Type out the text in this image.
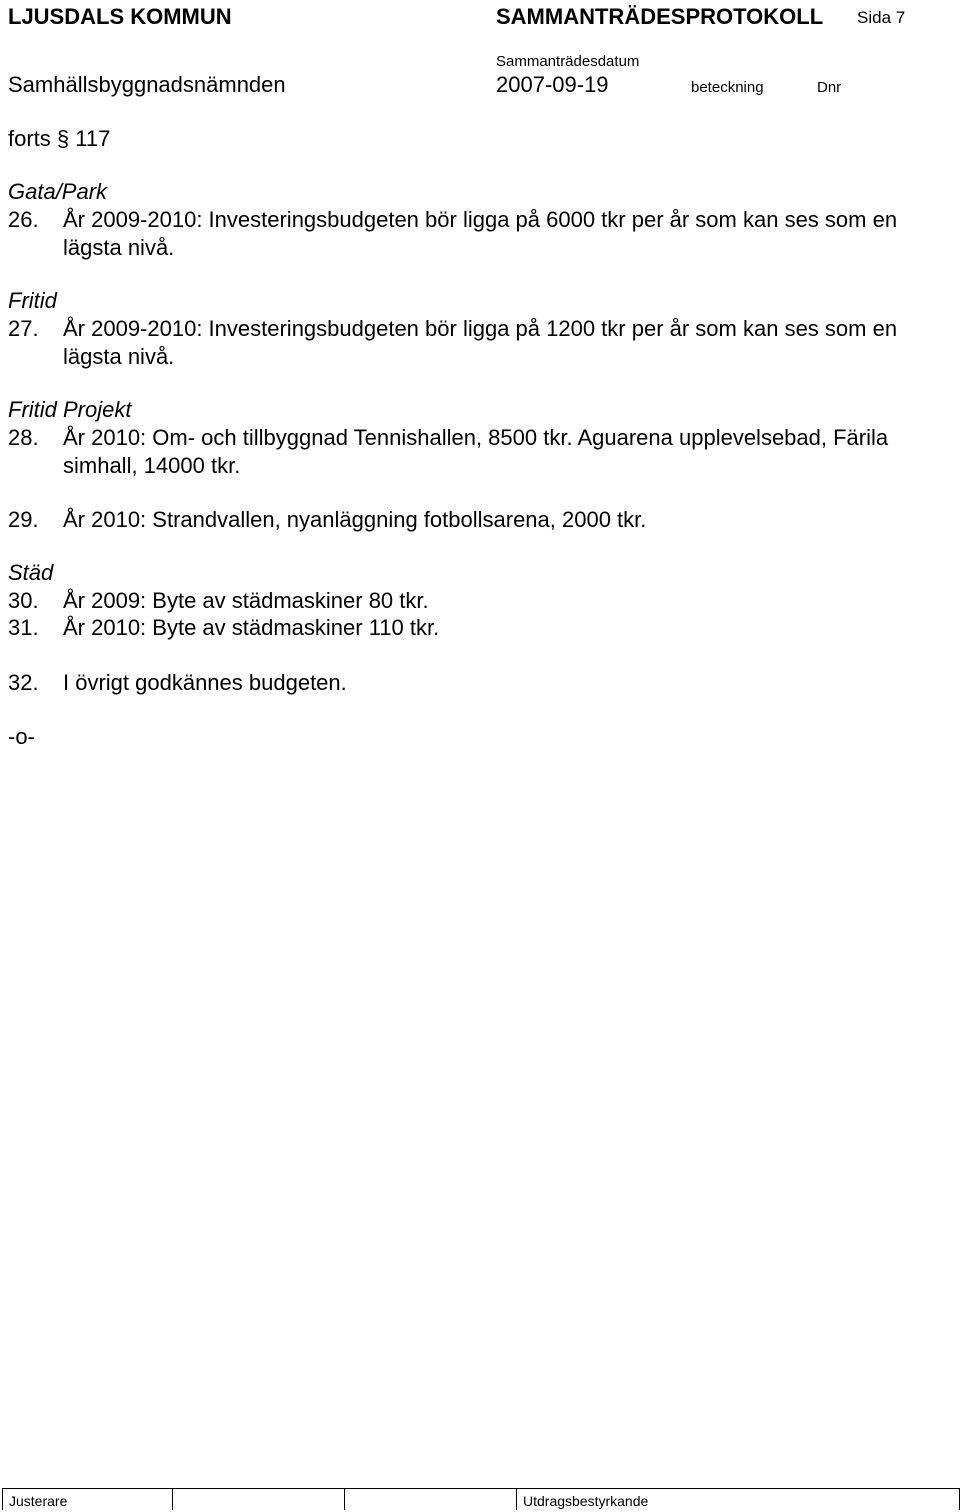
LJUSDALS KOMMUN	SAMMANTRÄDESPROTOKOLL Sida 7
Samhällsbyggnadsnämnden
Sammanträdesdatum
2007-09-19	beteckning	Dnr
forts § 117
Gata/Park
26. År 2009-2010: Investeringsbudgeten bör ligga på 6000 tkr per år som kan ses som en lägsta nivå.
Fritid
27. År 2009-2010: Investeringsbudgeten bör ligga på 1200 tkr per år som kan ses som en lägsta nivå.
Fritid Projekt
28. År 2010: Om- och tillbyggnad Tennishallen, 8500 tkr. Aguarena upplevelsebad, Färila simhall, 14000 tkr.
29. År 2010: Strandvallen, nyanläggning fotbollsarena, 2000 tkr.
Städ
30. År 2009: Byte av städmaskiner 80 tkr.
31. År 2010: Byte av städmaskiner 110 tkr.
32. I övrigt godkännes budgeten.
-o-
Justerare	Utdragsbestyrkande
